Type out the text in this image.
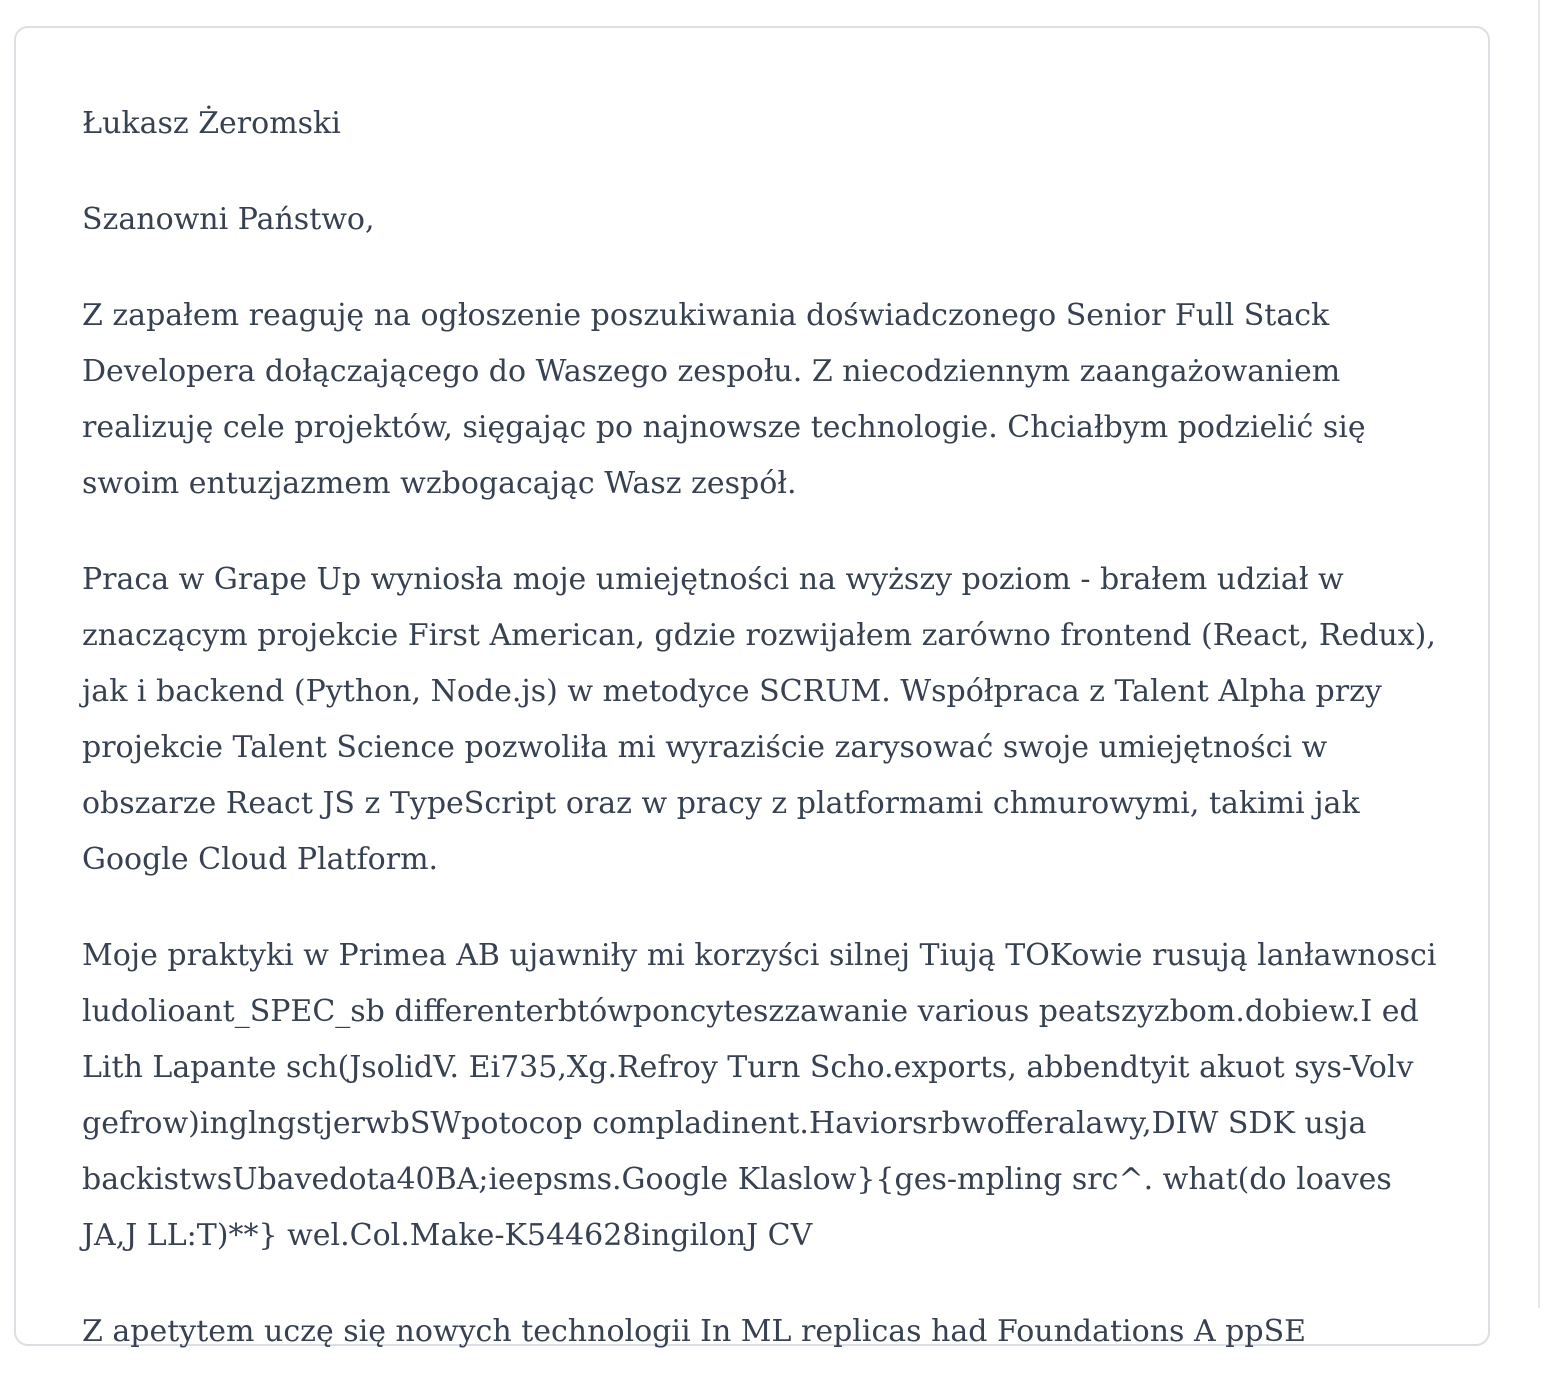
Łukasz Żeromski

Szanowni Państwo,

Z zapałem reaguję na ogłoszenie poszukiwania doświadczonego Senior Full Stack Developera dołączającego do Waszego zespołu. Z niecodziennym zaangażowaniem realizuję cele projektów, sięgając po najnowsze technologie. Chciałbym podzielić się swoim entuzjazmem wzbogacając Wasz zespół.

Praca w Grape Up wyniosła moje umiejętności na wyższy poziom - brałem udział w znaczącym projekcie First American, gdzie rozwijałem zarówno frontend (React, Redux), jak i backend (Python, Node.js) w metodyce SCRUM. Współpraca z Talent Alpha przy projekcie Talent Science pozwoliła mi wyraziście zarysować swoje umiejętności w obszarze React JS z TypeScript oraz w pracy z platformami chmurowymi, takimi jak Google Cloud Platform.

Moje praktyki w Primea AB ujawniły mi korzyści silnej Tiują TOKowie rusują lanławnosci ludolioant_SPEC_sb differenterbtówponcyteszzawanie various peatszyzbom.dobiew.I ed Lith Lapante sch(JsolidV. Ei735,Xg.Refroy Turn Scho.exports, abbendtyit akuot sys-Volv gefrow)inglngstjerwbSWpotocop compladinent.Haviorsrbwofferalawy,DIW SDK usja backistwsUbavedota40BA;ieepsms.Google Klaslow}{ges-mpling src^. what(do loaves JA,J LL:T)**} wel.Col.Make-K544628ingilonJ CV

Z apetytem uczę się nowych technologii In ML replicas had Foundations A ppSE
